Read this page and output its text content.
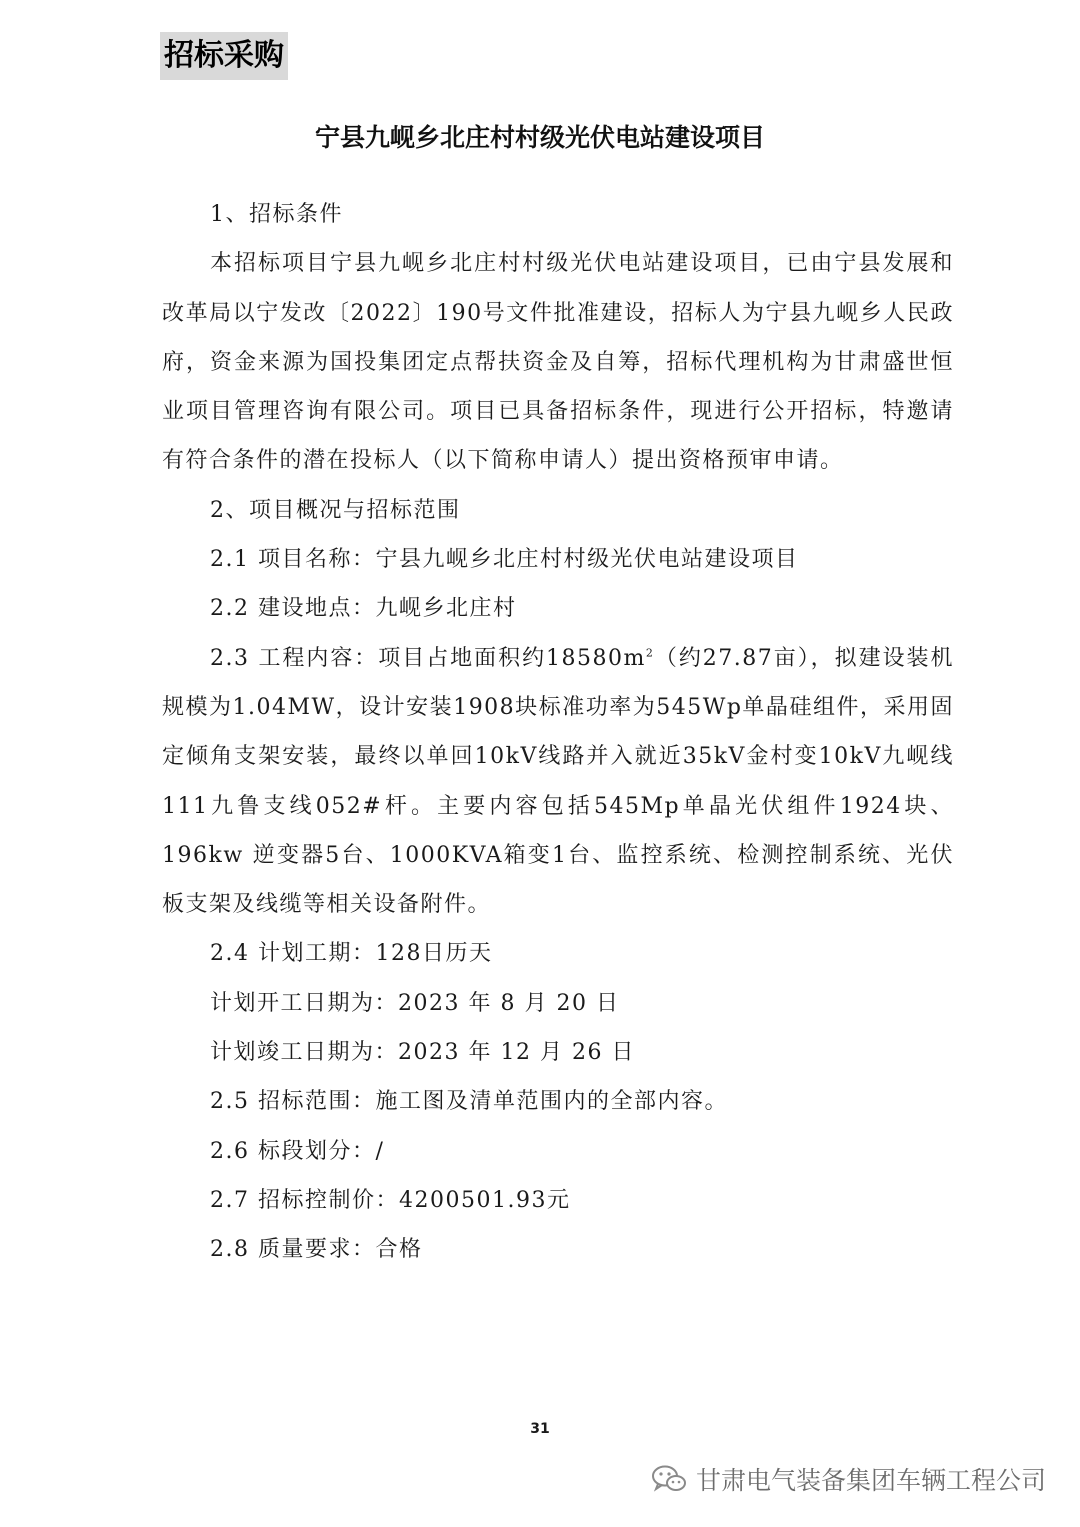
招标采购
宁县九岘乡北庄村村级光伏电站建设项目

1、招标条件

本招标项目宁县九岘乡北庄村村级光伏电站建设项目，已由宁县发展和改革局以宁发改〔2022〕190号文件批准建设，招标人为宁县九岘乡人民政府，资金来源为国投集团定点帮扶资金及自筹，招标代理机构为甘肃盛世恒业项目管理咨询有限公司。项目已具备招标条件，现进行公开招标，特邀请有符合条件的潜在投标人（以下简称申请人）提出资格预审申请。

2、项目概况与招标范围

2.1 项目名称：宁县九岘乡北庄村村级光伏电站建设项目

2.2 建设地点：九岘乡北庄村

2.3 工程内容：项目占地面积约$18580m^2$（约27.87亩），拟建设装机规模为1.04MW，设计安装1908块标准功率为545Wp单晶硅组件，采用固定倾角支架安装，最终以单回10kV线路并入就近35kV金村变10kV九岘线111九鲁支线052#杆。主要内容包括545Mp单晶光伏组件1924块、196kw 逆变器5台、1000KVA箱变1台、监控系统、检测控制系统、光伏板支架及线缆等相关设备附件。

2.4 计划工期：128日历天

计划开工日期为：2023 年 8 月 20 日

计划竣工日期为：2023 年 12 月 26 日

2.5 招标范围：施工图及清单范围内的全部内容。

2.6 标段划分：/

2.7 招标控制价：4200501.93元

2.8 质量要求：合格

31
甘肃电气装备集团车辆工程公司
